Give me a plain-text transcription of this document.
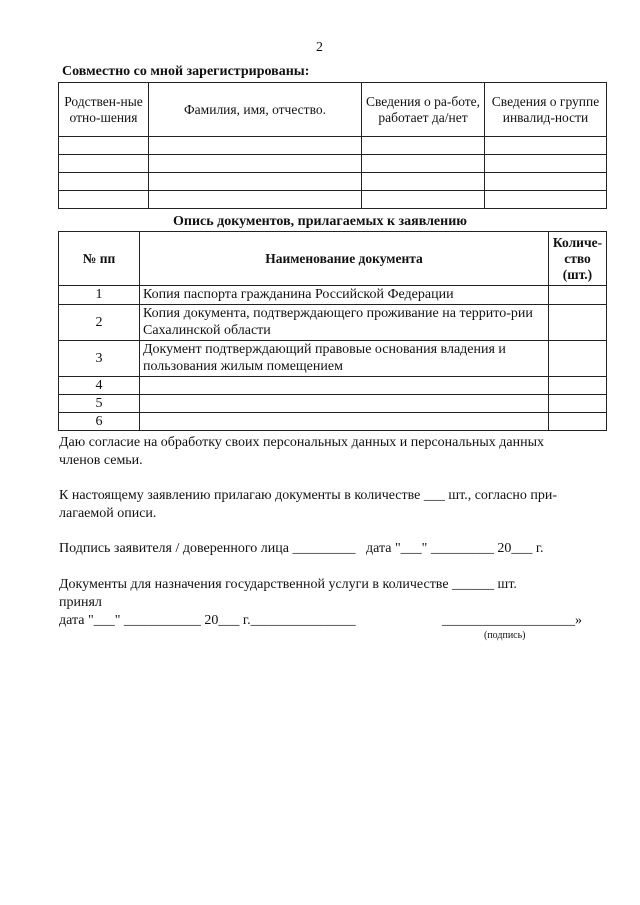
2
Совместно со мной зарегистрированы:
Родствен-ные отно-шения	Фамилия, имя, отчество.	Сведения о ра-боте, работает да/нет	Сведения о группе инвалид-ности

Опись документов, прилагаемых к заявлению
№ пп	Наименование документа	Количе-ство (шт.)
1	Копия паспорта гражданина Российской Федерации	
2	Копия документа, подтверждающего проживание на террито-рии Сахалинской области	
3	Документ подтверждающий правовые основания владения и пользования жилым помещением	
4		
5		
6		
Даю согласие на обработку своих персональных данных и персональных данных членов семьи.
К настоящему заявлению прилагаю документы в количестве ___ шт., согласно при-лагаемой описи.
Подпись заявителя / доверенного лица _________   дата "___" _________ 20___ г.
Документы для назначения государственной услуги в количестве ______ шт.
принял
дата "___" ___________ 20___ г._______________	___________________»
(подпись)
